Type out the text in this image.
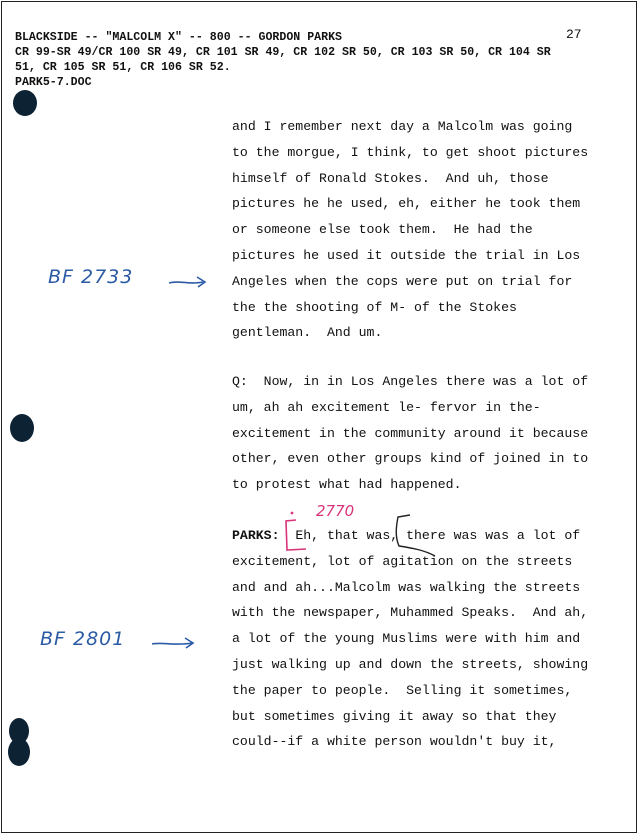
BLACKSIDE -- "MALCOLM X" -- 800 -- GORDON PARKS
CR 99-SR 49/CR 100 SR 49, CR 101 SR 49, CR 102 SR 50, CR 103 SR 50, CR 104 SR
51, CR 105 SR 51, CR 106 SR 52.
PARK5-7.DOC
27
and I remember next day a Malcolm was going
to the morgue, I think, to get shoot pictures
himself of Ronald Stokes.  And uh, those
pictures he he used, eh, either he took them
or someone else took them.  He had the
pictures he used it outside the trial in Los
Angeles when the cops were put on trial for
the the shooting of M- of the Stokes
gentleman.  And um.
Q:  Now, in in Los Angeles there was a lot of
um, ah ah excitement le- fervor in the-
excitement in the community around it because
other, even other groups kind of joined in to
to protest what had happened.
PARKS: Eh, that was, there was was a lot of
excitement, lot of agitation on the streets
and and ah...Malcolm was walking the streets
with the newspaper, Muhammed Speaks.  And ah,
a lot of the young Muslims were with him and
just walking up and down the streets, showing
the paper to people.  Selling it sometimes,
but sometimes giving it away so that they
could--if a white person wouldn't buy it,
BF 2733
BF 2801
2770
